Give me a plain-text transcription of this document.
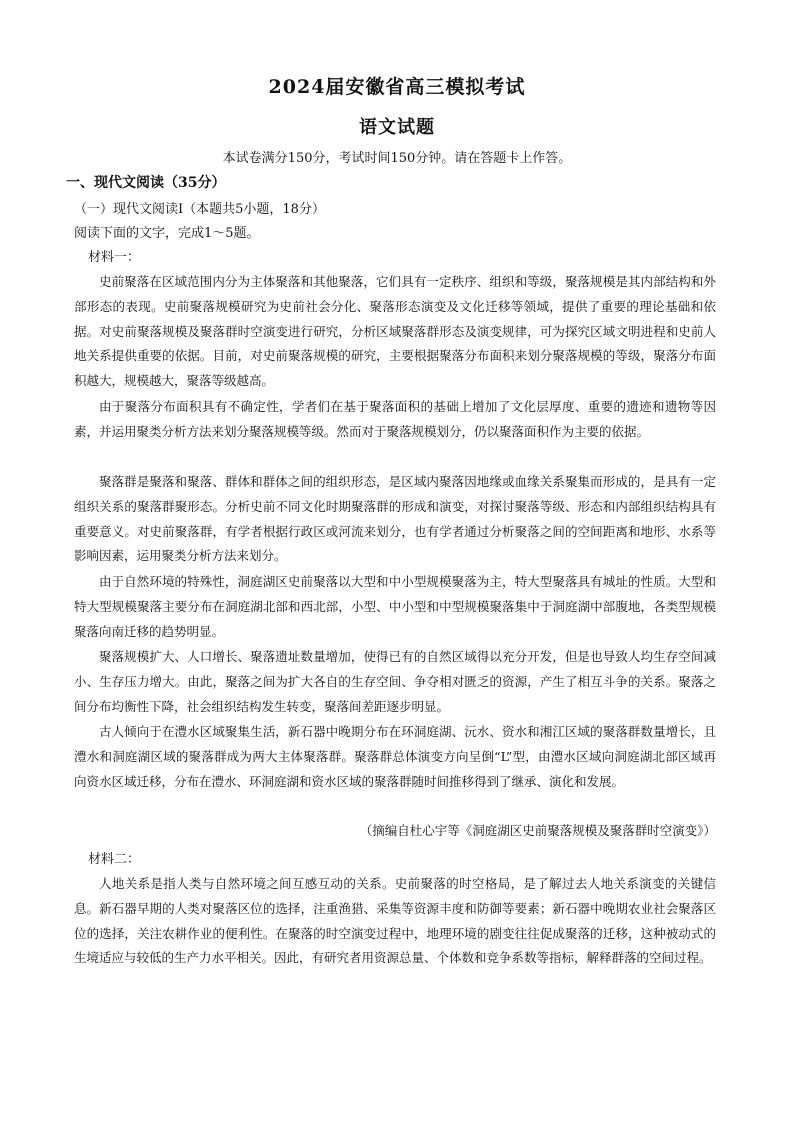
2024届安徽省高三模拟考试
语文试题
本试卷满分150分，考试时间150分钟。请在答题卡上作答。
一、现代文阅读（35分）
（一）现代文阅读Ⅰ（本题共5小题，18分）
阅读下面的文字，完成1～5题。
材料一：

史前聚落在区域范围内分为主体聚落和其他聚落，它们具有一定秩序、组织和等级，聚落规模是其内部结构和外部形态的表现。史前聚落规模研究为史前社会分化、聚落形态演变及文化迁移等领域，提供了重要的理论基础和依据。对史前聚落规模及聚落群时空演变进行研究，分析区域聚落群形态及演变规律，可为探究区域文明进程和史前人地关系提供重要的依据。目前，对史前聚落规模的研究，主要根据聚落分布面积来划分聚落规模的等级，聚落分布面积越大，规模越大，聚落等级越高。

由于聚落分布面积具有不确定性，学者们在基于聚落面积的基础上增加了文化层厚度、重要的遗迹和遗物等因素，并运用聚类分析方法来划分聚落规模等级。然而对于聚落规模划分，仍以聚落面积作为主要的依据。

聚落群是聚落和聚落、群体和群体之间的组织形态，是区域内聚落因地缘或血缘关系聚集而形成的，是具有一定组织关系的聚落群聚形态。分析史前不同文化时期聚落群的形成和演变，对探讨聚落等级、形态和内部组织结构具有重要意义。对史前聚落群，有学者根据行政区或河流来划分，也有学者通过分析聚落之间的空间距离和地形、水系等影响因素，运用聚类分析方法来划分。

由于自然环境的特殊性，洞庭湖区史前聚落以大型和中小型规模聚落为主，特大型聚落具有城址的性质。大型和特大型规模聚落主要分布在洞庭湖北部和西北部，小型、中小型和中型规模聚落集中于洞庭湖中部腹地，各类型规模聚落向南迁移的趋势明显。

聚落规模扩大、人口增长、聚落遗址数量增加，使得已有的自然区域得以充分开发，但是也导致人均生存空间减小、生存压力增大。由此，聚落之间为扩大各自的生存空间、争夺相对匮乏的资源，产生了相互斗争的关系。聚落之间分布均衡性下降，社会组织结构发生转变，聚落间差距逐步明显。

古人倾向于在澧水区域聚集生活，新石器中晚期分布在环洞庭湖、沅水、资水和湘江区域的聚落群数量增长，且澧水和洞庭湖区域的聚落群成为两大主体聚落群。聚落群总体演变方向呈倒“L”型，由澧水区域向洞庭湖北部区域再向资水区域迁移，分布在澧水、环洞庭湖和资水区域的聚落群随时间推移得到了继承、演化和发展。

（摘编自杜心宇等《洞庭湖区史前聚落规模及聚落群时空演变》）
材料二：

人地关系是指人类与自然环境之间互感互动的关系。史前聚落的时空格局，是了解过去人地关系演变的关键信息。新石器早期的人类对聚落区位的选择，注重渔猎、采集等资源丰度和防御等要素；新石器中晚期农业社会聚落区位的选择，关注农耕作业的便利性。在聚落的时空演变过程中，地理环境的剧变往往促成聚落的迁移，这种被动式的生境适应与较低的生产力水平相关。因此，有研究者用资源总量、个体数和竞争系数等指标，解释群落的空间过程。
